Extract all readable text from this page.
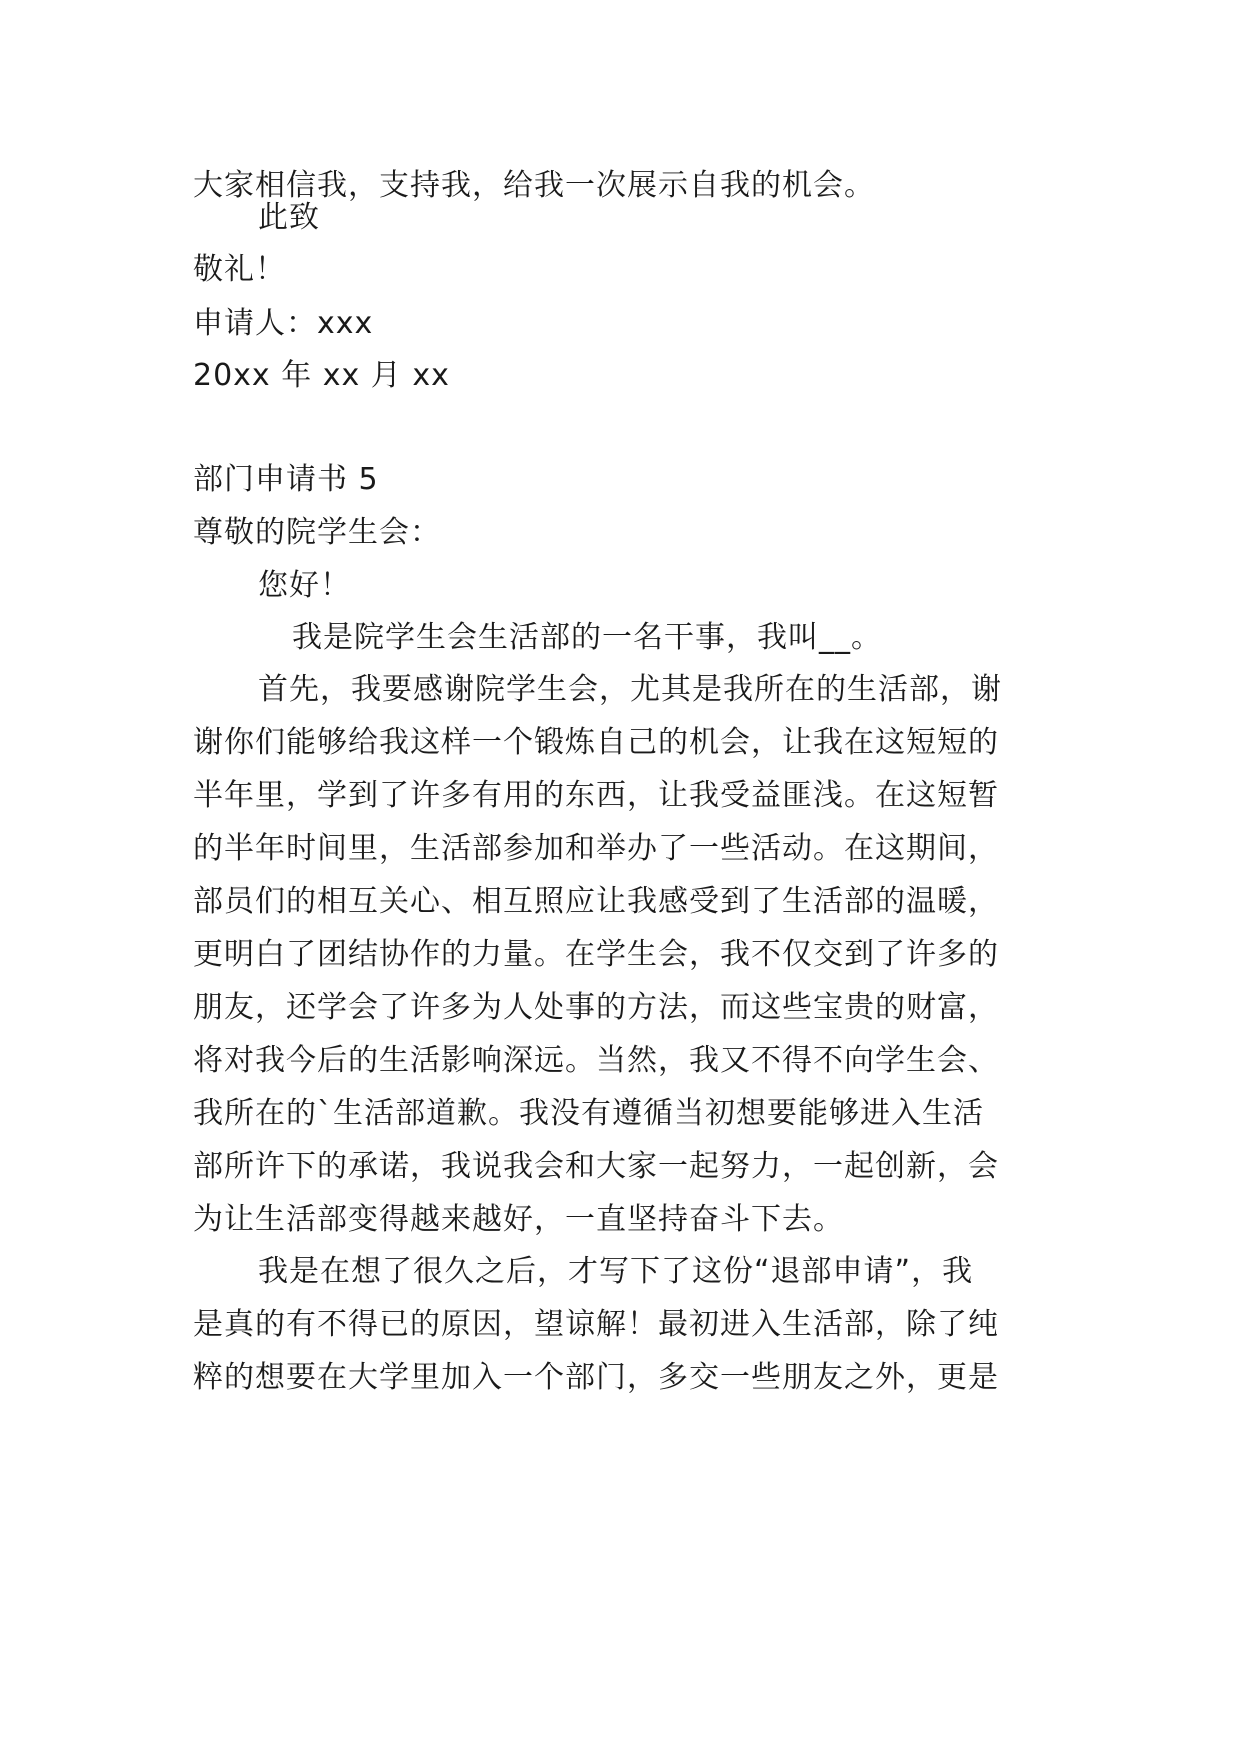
大家相信我，支持我，给我一次展示自我的机会。
此致
敬礼！
申请人：xxx
20xx 年 xx 月 xx
部门申请书 5
尊敬的院学生会：
您好！
我是院学生会生活部的一名干事，我叫__。
首先，我要感谢院学生会，尤其是我所在的生活部，谢
谢你们能够给我这样一个锻炼自己的机会，让我在这短短的
半年里，学到了许多有用的东西，让我受益匪浅。在这短暂
的半年时间里，生活部参加和举办了一些活动。在这期间，
部员们的相互关心、相互照应让我感受到了生活部的温暖，
更明白了团结协作的力量。在学生会，我不仅交到了许多的
朋友，还学会了许多为人处事的方法，而这些宝贵的财富，
将对我今后的生活影响深远。当然，我又不得不向学生会、
我所在的`生活部道歉。我没有遵循当初想要能够进入生活
部所许下的承诺，我说我会和大家一起努力，一起创新，会
为让生活部变得越来越好，一直坚持奋斗下去。
我是在想了很久之后，才写下了这份“退部申请”，我
是真的有不得已的原因，望谅解！最初进入生活部，除了纯
粹的想要在大学里加入一个部门，多交一些朋友之外，更是
